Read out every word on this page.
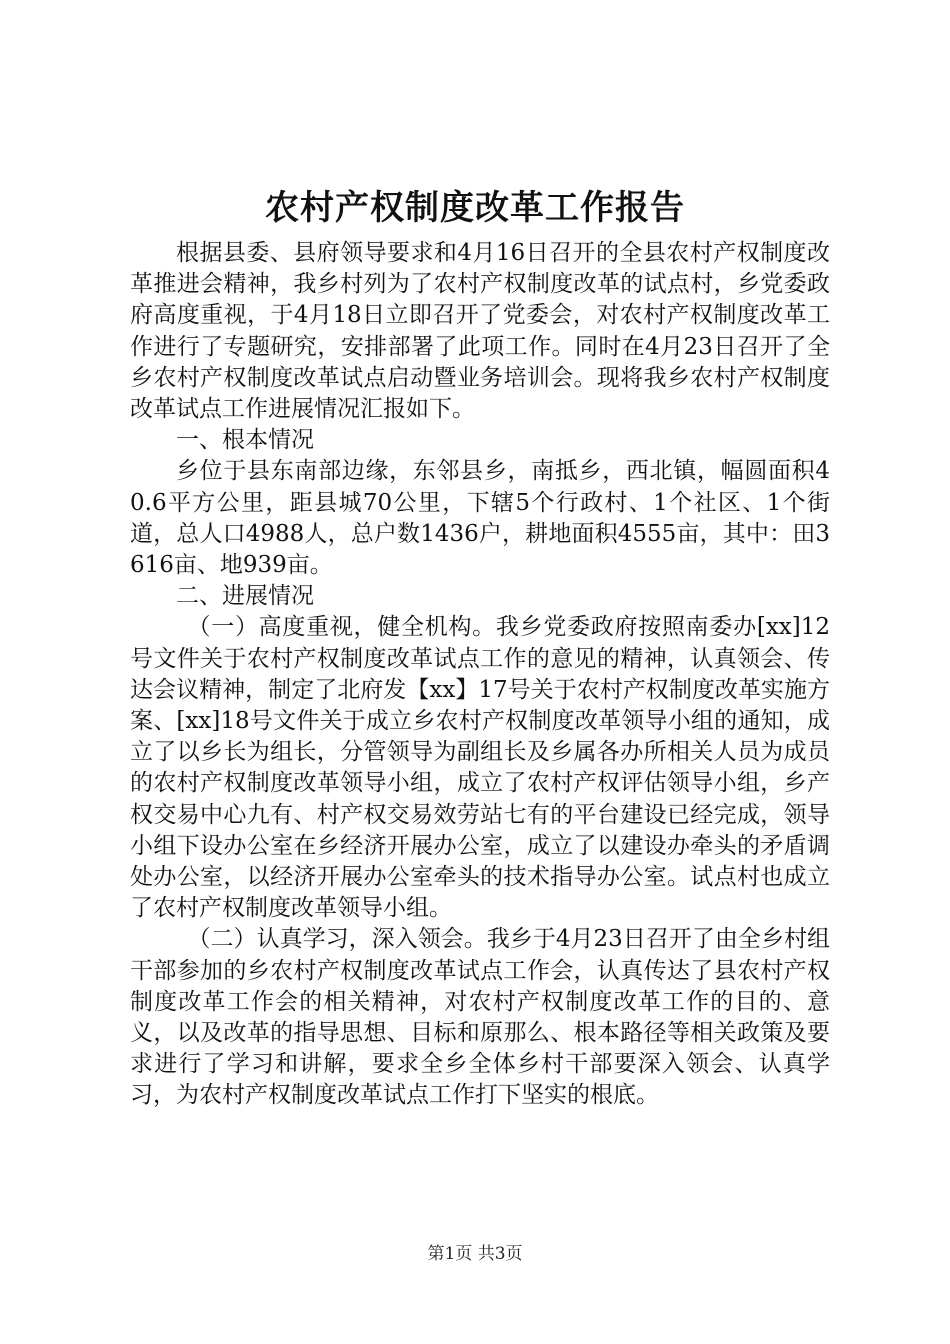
农村产权制度改革工作报告

根据县委、县府领导要求和4月16日召开的全县农村产权制度改革推进会精神，我乡村列为了农村产权制度改革的试点村，乡党委政府高度重视，于4月18日立即召开了党委会，对农村产权制度改革工作进行了专题研究，安排部署了此项工作。同时在4月23日召开了全乡农村产权制度改革试点启动暨业务培训会。现将我乡农村产权制度改革试点工作进展情况汇报如下。

一、根本情况

乡位于县东南部边缘，东邻县乡，南抵乡，西北镇，幅圆面积40.6平方公里，距县城70公里，下辖5个行政村、1个社区、1个街道，总人口4988人，总户数1436户，耕地面积4555亩，其中：田3616亩、地939亩。

二、进展情况

（一）高度重视，健全机构。我乡党委政府按照南委办[xx]12号文件关于农村产权制度改革试点工作的意见的精神，认真领会、传达会议精神，制定了北府发【xx】17号关于农村产权制度改革实施方案、[xx]18号文件关于成立乡农村产权制度改革领导小组的通知，成立了以乡长为组长，分管领导为副组长及乡属各办所相关人员为成员的农村产权制度改革领导小组，成立了农村产权评估领导小组，乡产权交易中心九有、村产权交易效劳站七有的平台建设已经完成，领导小组下设办公室在乡经济开展办公室，成立了以建设办牵头的矛盾调处办公室，以经济开展办公室牵头的技术指导办公室。试点村也成立了农村产权制度改革领导小组。

（二）认真学习，深入领会。我乡于4月23日召开了由全乡村组干部参加的乡农村产权制度改革试点工作会，认真传达了县农村产权制度改革工作会的相关精神，对农村产权制度改革工作的目的、意义，以及改革的指导思想、目标和原那么、根本路径等相关政策及要求进行了学习和讲解，要求全乡全体乡村干部要深入领会、认真学习，为农村产权制度改革试点工作打下坚实的根底。

第1页 共3页
